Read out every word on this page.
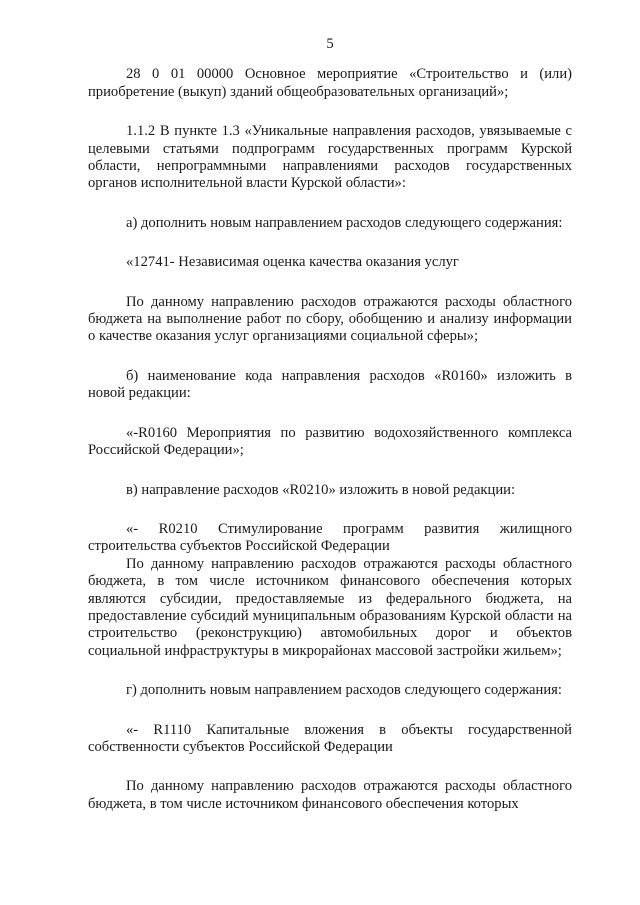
5

28 0 01 00000 Основное мероприятие «Строительство и (или) приобретение (выкуп) зданий общеобразовательных организаций»;

1.1.2 В пункте 1.3 «Уникальные направления расходов, увязываемые с целевыми статьями подпрограмм государственных программ Курской области, непрограммными направлениями расходов государственных органов исполнительной власти Курской области»:

а) дополнить новым направлением расходов следующего содержания:

«12741- Независимая оценка качества оказания услуг

По данному направлению расходов отражаются расходы областного бюджета на выполнение работ по сбору, обобщению и анализу информации о качестве оказания услуг организациями социальной сферы»;

б) наименование кода направления расходов «R0160» изложить в новой редакции:

«-R0160 Мероприятия по развитию водохозяйственного комплекса Российской Федерации»;

в) направление расходов «R0210» изложить в новой редакции:

«- R0210 Стимулирование программ развития жилищного строительства субъектов Российской Федерации

По данному направлению расходов отражаются расходы областного бюджета, в том числе источником финансового обеспечения которых являются субсидии, предоставляемые из федерального бюджета, на предоставление субсидий муниципальным образованиям Курской области на строительство (реконструкцию) автомобильных дорог и объектов социальной инфраструктуры в микрорайонах массовой застройки жильем»;

г) дополнить новым направлением расходов следующего содержания:

«- R1110 Капитальные вложения в объекты государственной собственности субъектов Российской Федерации

По данному направлению расходов отражаются расходы областного бюджета, в том числе источником финансового обеспечения которых
